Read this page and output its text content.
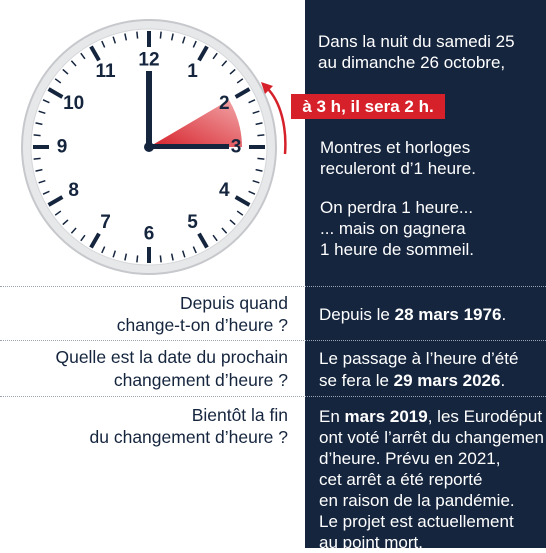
12
1
2
3
4
5
6
7
8
9
10
11
à 3 h, il sera 2 h.
Dans la nuit du samedi 25
au dimanche 26 octobre,
Montres et horloges
reculeront d’1 heure.
On perdra 1 heure...
... mais on gagnera
1 heure de sommeil.
Depuis quand
change-t-on d’heure ?
Depuis le 28 mars 1976.
Quelle est la date du prochain
changement d’heure ?
Le passage à l’heure d’été
se fera le 29 mars 2026.
Bientôt la fin
du changement d’heure ?
En mars 2019, les Eurodéput
ont voté l’arrêt du changemen
d’heure. Prévu en 2021,
cet arrêt a été reporté
en raison de la pandémie.
Le projet est actuellement
au point mort.
